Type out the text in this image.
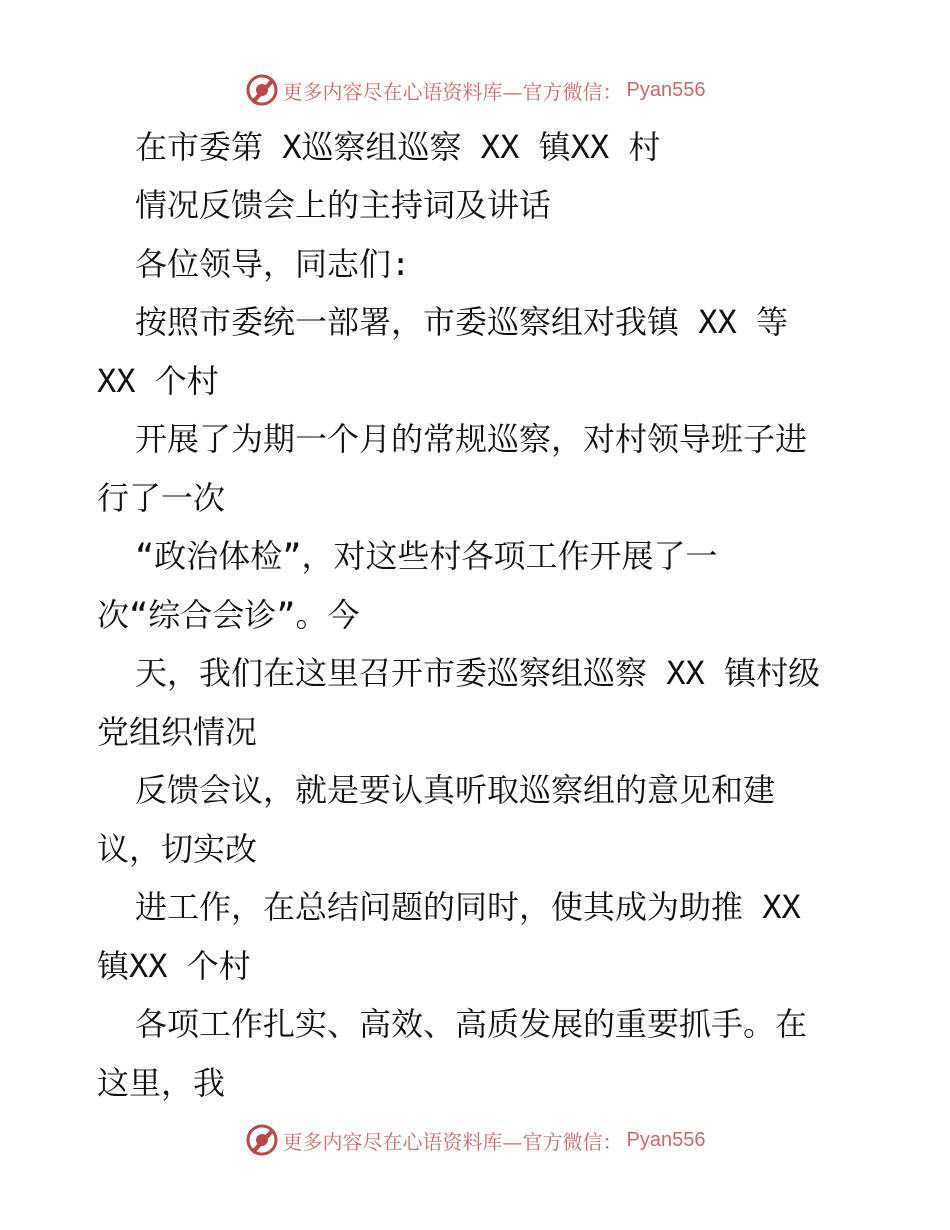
更多内容尽在心语资料库—官方微信： Pyan556
在市委第 X巡察组巡察 XX 镇XX 村
情况反馈会上的主持词及讲话
各位领导，同志们:
按照市委统一部署，市委巡察组对我镇 XX 等
XX 个村
开展了为期一个月的常规巡察，对村领导班子进
行了一次
“政治体检”，对这些村各项工作开展了一
次“综合会诊”。今
天，我们在这里召开市委巡察组巡察 XX 镇村级
党组织情况
反馈会议，就是要认真听取巡察组的意见和建
议，切实改
进工作，在总结问题的同时，使其成为助推 XX
镇XX 个村
各项工作扎实、高效、高质发展的重要抓手。在
这里，我
更多内容尽在心语资料库—官方微信： Pyan556
